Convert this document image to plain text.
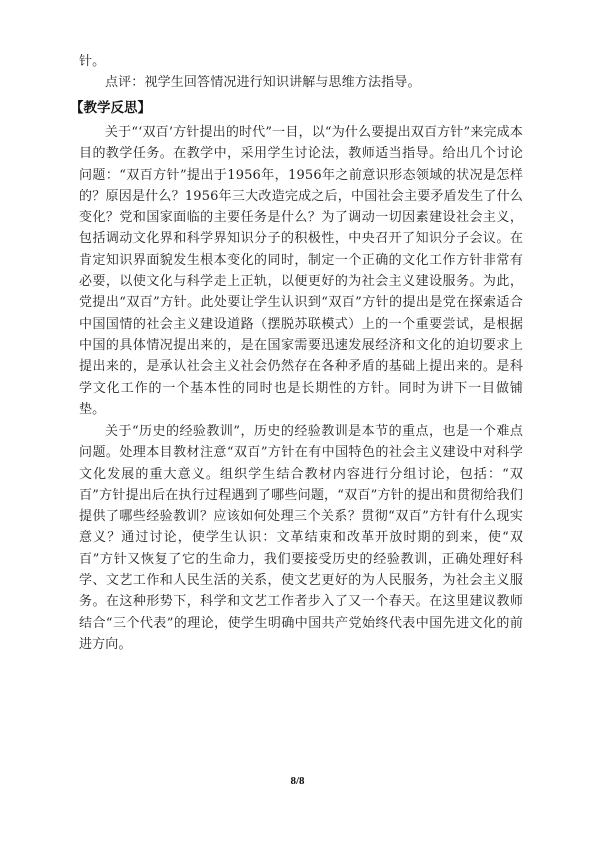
针。

点评：视学生回答情况进行知识讲解与思维方法指导。

【教学反思】

关于“‘双百’方针提出的时代”一目，以“为什么要提出双百方针”来完成本目的教学任务。在教学中，采用学生讨论法，教师适当指导。给出几个讨论问题：“双百方针”提出于1956年，1956年之前意识形态领域的状况是怎样的？原因是什么？1956年三大改造完成之后，中国社会主要矛盾发生了什么变化？党和国家面临的主要任务是什么？为了调动一切因素建设社会主义，包括调动文化界和科学界知识分子的积极性，中央召开了知识分子会议。在肯定知识界面貌发生根本变化的同时，制定一个正确的文化工作方针非常有必要，以使文化与科学走上正轨，以便更好的为社会主义建设服务。为此，党提出“双百”方针。此处要让学生认识到“双百”方针的提出是党在探索适合中国国情的社会主义建设道路（摆脱苏联模式）上的一个重要尝试，是根据中国的具体情况提出来的，是在国家需要迅速发展经济和文化的迫切要求上提出来的，是承认社会主义社会仍然存在各种矛盾的基础上提出来的。是科学文化工作的一个基本性的同时也是长期性的方针。同时为讲下一目做铺垫。

关于“历史的经验教训”，历史的经验教训是本节的重点，也是一个难点问题。处理本目教材注意“双百”方针在有中国特色的社会主义建设中对科学文化发展的重大意义。组织学生结合教材内容进行分组讨论，包括：“双百”方针提出后在执行过程遇到了哪些问题，“双百”方针的提出和贯彻给我们提供了哪些经验教训？应该如何处理三个关系？贯彻“双百”方针有什么现实意义？通过讨论，使学生认识：文革结束和改革开放时期的到来，使“双百”方针又恢复了它的生命力，我们要接受历史的经验教训，正确处理好科学、文艺工作和人民生活的关系，使文艺更好的为人民服务，为社会主义服务。在这种形势下，科学和文艺工作者步入了又一个春天。在这里建议教师结合“三个代表”的理论，使学生明确中国共产党始终代表中国先进文化的前进方向。

8/8
